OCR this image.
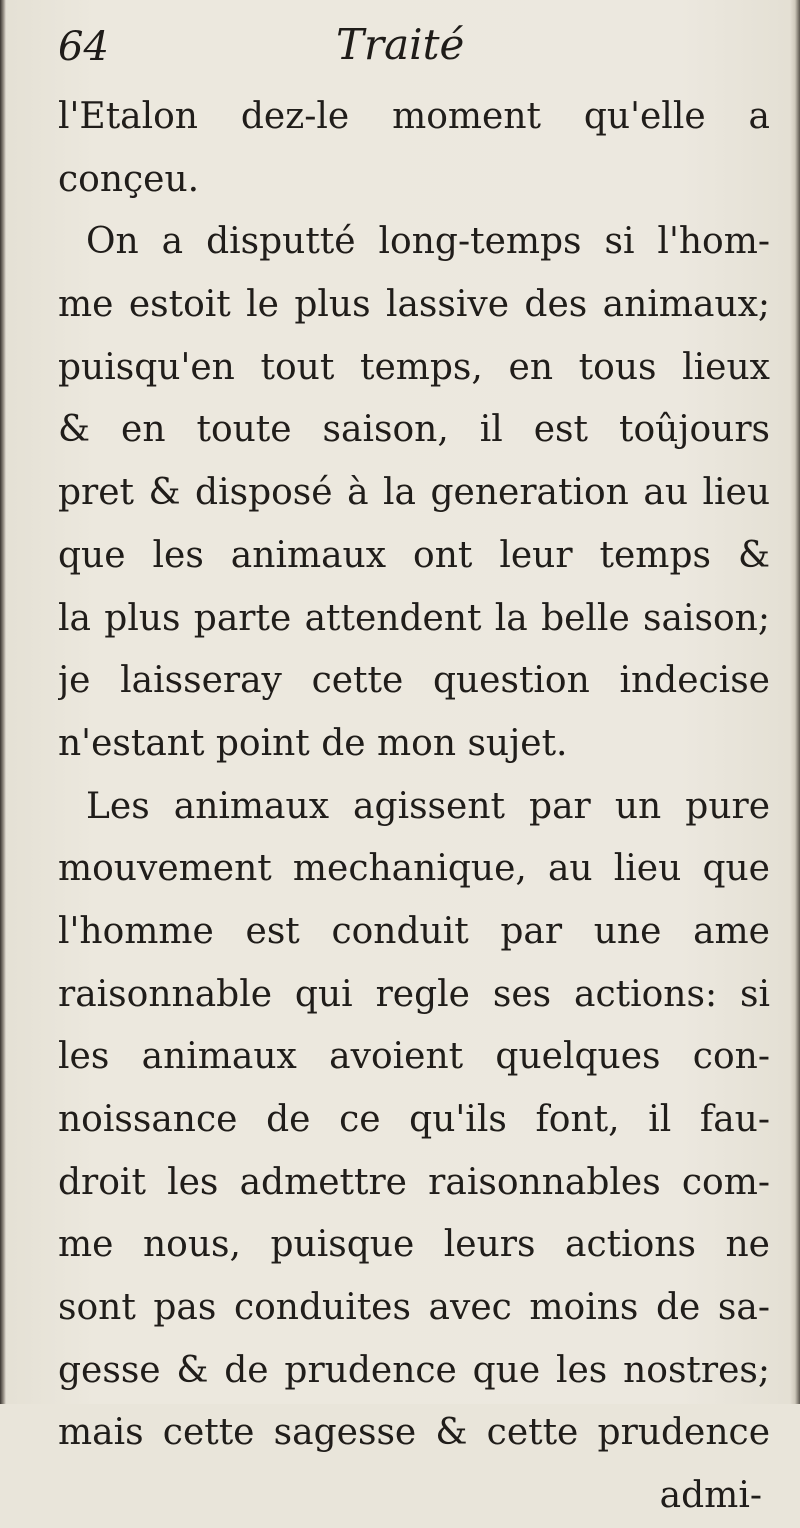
64	Traité
l'Etalon dez-le moment qu'elle a
conçeu.
On a disputté long-temps si l'hom-
me estoit le plus lassive des animaux;
puisqu'en tout temps, en tous lieux
& en toute saison, il est toûjours
pret & disposé à la generation au lieu
que les animaux ont leur temps &
la plus parte attendent la belle saison;
je laisseray cette question indecise
n'estant point de mon sujet.
Les animaux agissent par un pure
mouvement mechanique, au lieu que
l'homme est conduit par une ame
raisonnable qui regle ses actions: si
les animaux avoient quelques con-
noissance de ce qu'ils font, il fau-
droit les admettre raisonnables com-
me nous, puisque leurs actions ne
sont pas conduites avec moins de sa-
gesse & de prudence que les nostres;
mais cette sagesse & cette prudence
admi-
